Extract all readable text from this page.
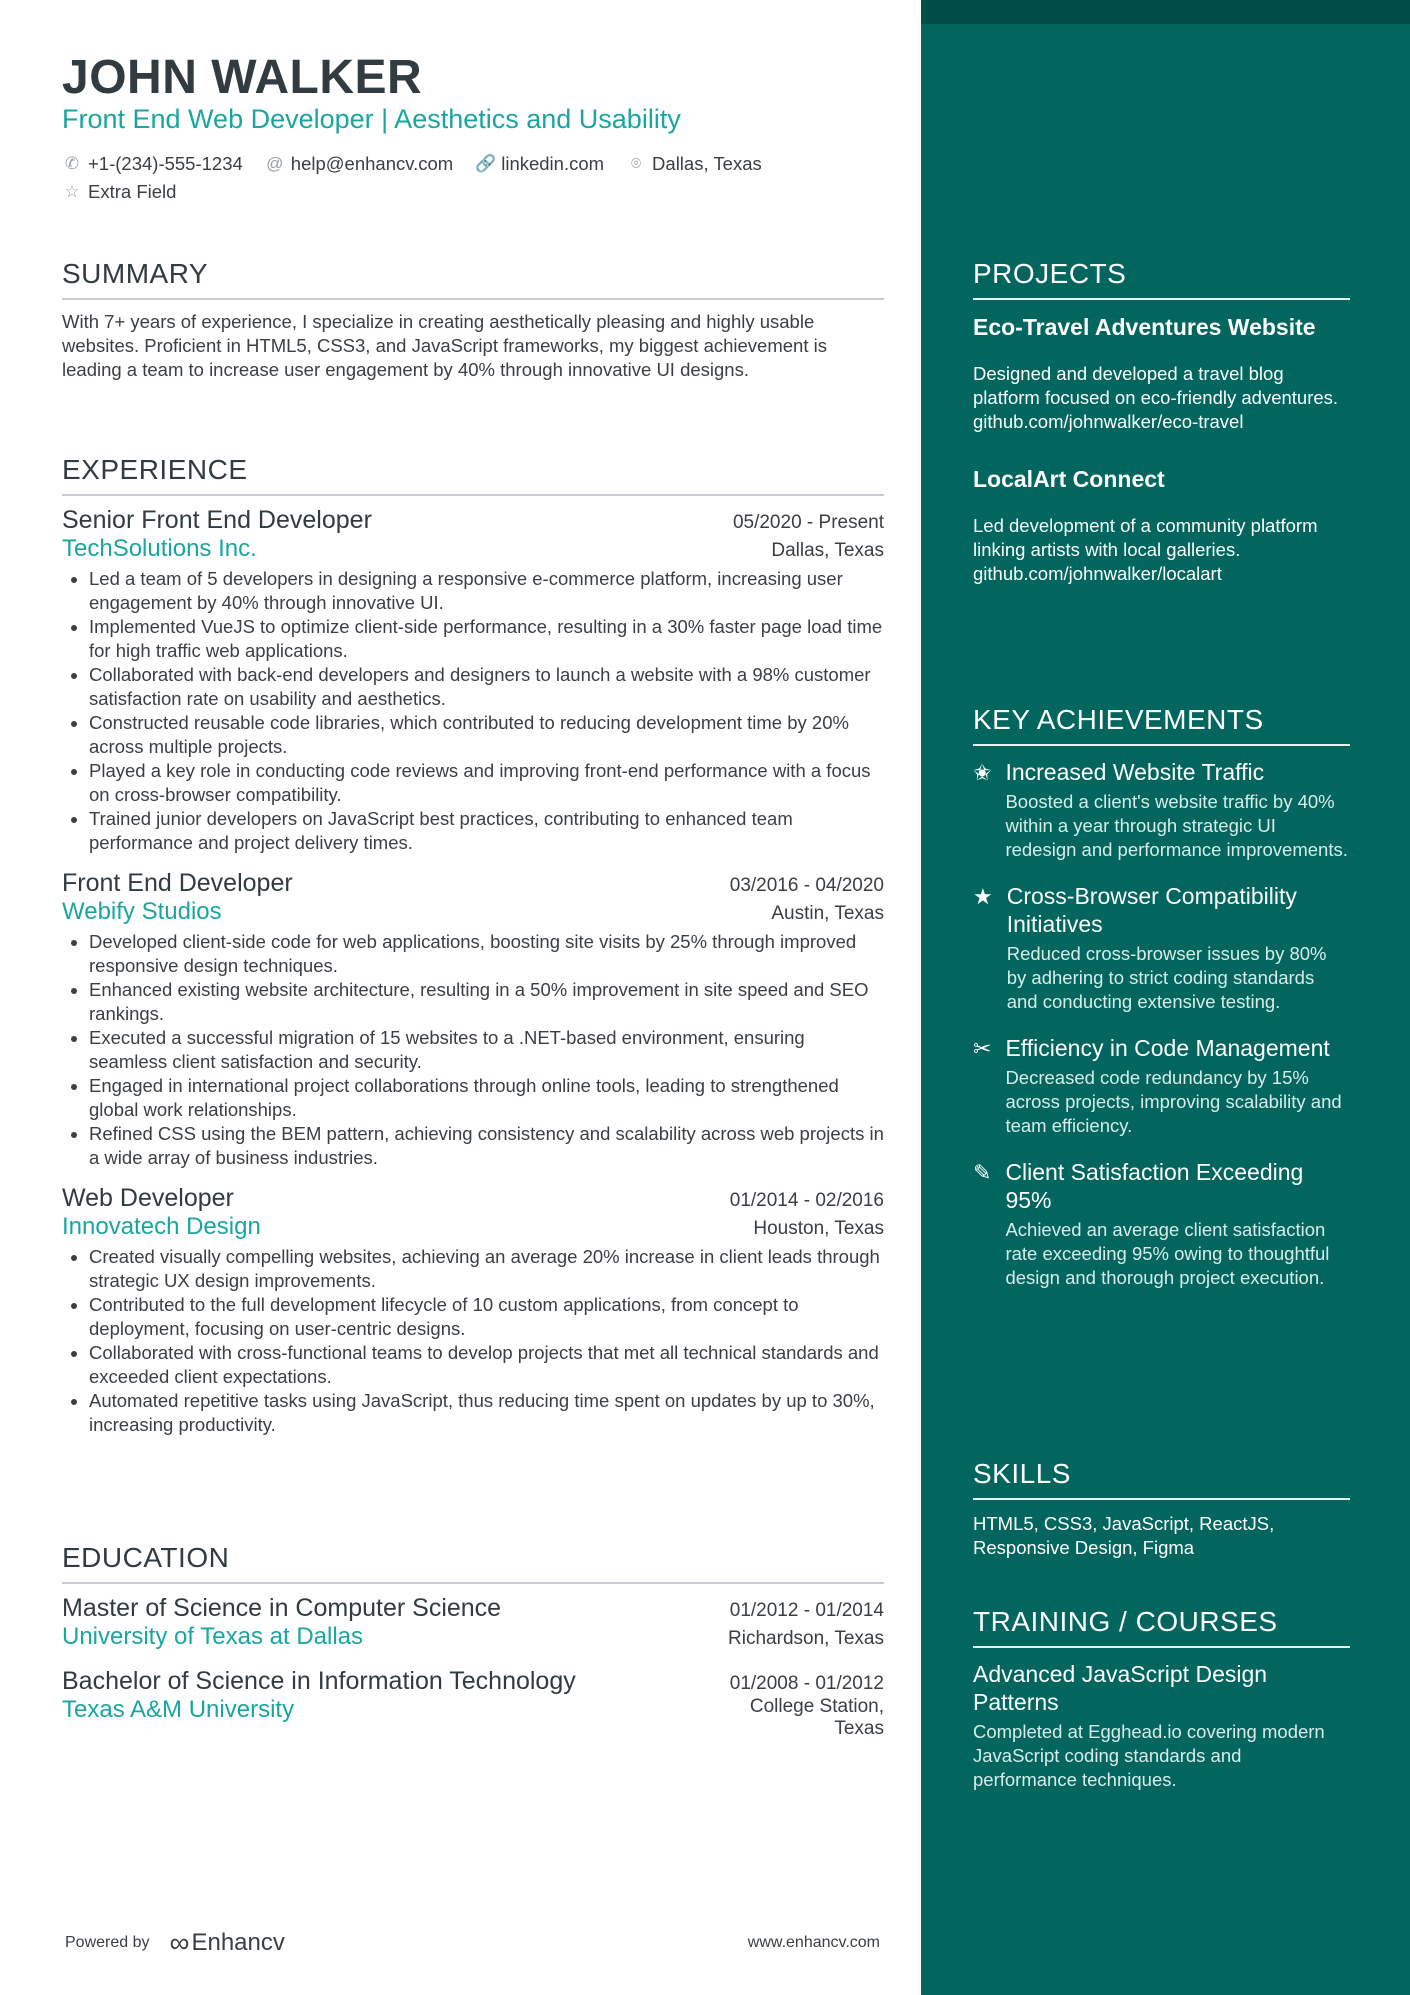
JOHN WALKER
Front End Web Developer | Aesthetics and Usability
✆ +1-(234)-555-1234 @ help@enhancv.com 🔗 linkedin.com ⌾ Dallas, Texas
☆ Extra Field
SUMMARY
With 7+ years of experience, I specialize in creating aesthetically pleasing and highly usable websites. Proficient in HTML5, CSS3, and JavaScript frameworks, my biggest achievement is leading a team to increase user engagement by 40% through innovative UI designs.
EXPERIENCE
Senior Front End Developer	05/2020 - Present
TechSolutions Inc.	Dallas, Texas
• Led a team of 5 developers in designing a responsive e-commerce platform, increasing user engagement by 40% through innovative UI.
• Implemented VueJS to optimize client-side performance, resulting in a 30% faster page load time for high traffic web applications.
• Collaborated with back-end developers and designers to launch a website with a 98% customer satisfaction rate on usability and aesthetics.
• Constructed reusable code libraries, which contributed to reducing development time by 20% across multiple projects.
• Played a key role in conducting code reviews and improving front-end performance with a focus on cross-browser compatibility.
• Trained junior developers on JavaScript best practices, contributing to enhanced team performance and project delivery times.
Front End Developer	03/2016 - 04/2020
Webify Studios	Austin, Texas
• Developed client-side code for web applications, boosting site visits by 25% through improved responsive design techniques.
• Enhanced existing website architecture, resulting in a 50% improvement in site speed and SEO rankings.
• Executed a successful migration of 15 websites to a .NET-based environment, ensuring seamless client satisfaction and security.
• Engaged in international project collaborations through online tools, leading to strengthened global work relationships.
• Refined CSS using the BEM pattern, achieving consistency and scalability across web projects in a wide array of business industries.
Web Developer	01/2014 - 02/2016
Innovatech Design	Houston, Texas
• Created visually compelling websites, achieving an average 20% increase in client leads through strategic UX design improvements.
• Contributed to the full development lifecycle of 10 custom applications, from concept to deployment, focusing on user-centric designs.
• Collaborated with cross-functional teams to develop projects that met all technical standards and exceeded client expectations.
• Automated repetitive tasks using JavaScript, thus reducing time spent on updates by up to 30%, increasing productivity.
EDUCATION
Master of Science in Computer Science	01/2012 - 01/2014
University of Texas at Dallas	Richardson, Texas
Bachelor of Science in Information Technology	01/2008 - 01/2012
Texas A&M University	College Station, Texas
Powered by ∞ Enhancv	www.enhancv.com
PROJECTS
Eco-Travel Adventures Website
Designed and developed a travel blog platform focused on eco-friendly adventures. github.com/johnwalker/eco-travel
LocalArt Connect
Led development of a community platform linking artists with local galleries. github.com/johnwalker/localart
KEY ACHIEVEMENTS
✬ Increased Website Traffic
Boosted a client's website traffic by 40% within a year through strategic UI redesign and performance improvements.
★ Cross-Browser Compatibility Initiatives
Reduced cross-browser issues by 80% by adhering to strict coding standards and conducting extensive testing.
✂ Efficiency in Code Management
Decreased code redundancy by 15% across projects, improving scalability and team efficiency.
✎ Client Satisfaction Exceeding 95%
Achieved an average client satisfaction rate exceeding 95% owing to thoughtful design and thorough project execution.
SKILLS
HTML5, CSS3, JavaScript, ReactJS, Responsive Design, Figma
TRAINING / COURSES
Advanced JavaScript Design Patterns
Completed at Egghead.io covering modern JavaScript coding standards and performance techniques.
